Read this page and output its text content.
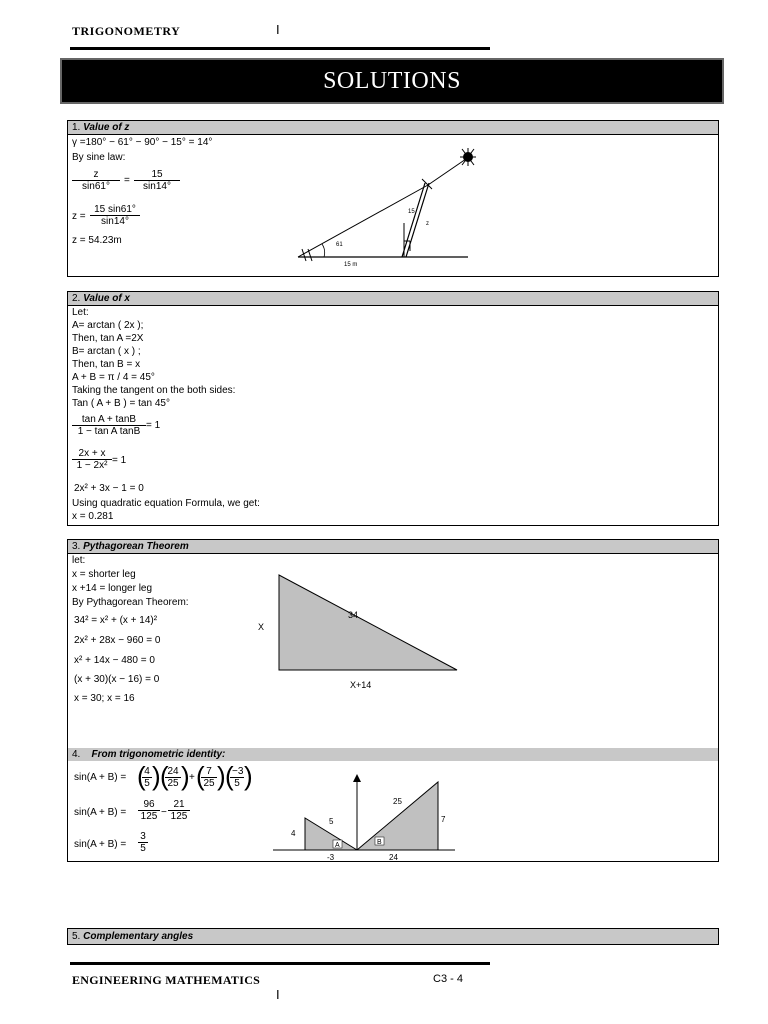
TRIGONOMETRY	I
SOLUTIONS
1. Value of z
γ =180° − 61° − 90° − 15° = 14°
By sine law:
$\frac{z}{\sin 61^\circ} = \frac{15}{\sin 14^\circ}$
$z = \frac{15 \sin 61^\circ}{\sin 14^\circ}$
z = 54.23m	61
15
z
15 m
2. Value of x
Let:
A= arctan ( 2x );
Then, tan A =2X
B= arctan ( x ) ;
Then, tan B = x
A + B = π / 4 = 45°
Taking the tangent on the both sides:
Tan ( A + B ) = tan 45°
$\frac{\text{tan A + tanB}}{\text{1 − tan A tanB}} = 1$
$\frac{2x + x}{\text{1 − 2x²}} = 1$
2x² + 3x − 1 = 0
Using quadratic equation Formula, we get:
x = 0.281
3. Pythagorean Theorem
let:
x = shorter leg
x +14 = longer leg
By Pythagorean Theorem:
34² = x² + (x + 14)²
2x² + 28x − 960 = 0
x² + 14x − 480 = 0
(x + 30)(x − 16) = 0
x = 30; x = 16
34
X
X+14
4. From trigonometric identity:
sin(A + B) = (
$\frac{4}{5}$ ) (
$\frac{24}{25}$ ) + (
$\frac{7}{25}$ ) (
$\frac{-3}{5}$ )
$\sin(A + B) = \frac{96}{125} - \frac{21}{125}$
$\sin(A + B) = \frac{3}{5}$	4
5
25
7
A	B
-3	24
5. Complementary angles
ENGINEERING MATHEMATICS	C3 - 4
I
